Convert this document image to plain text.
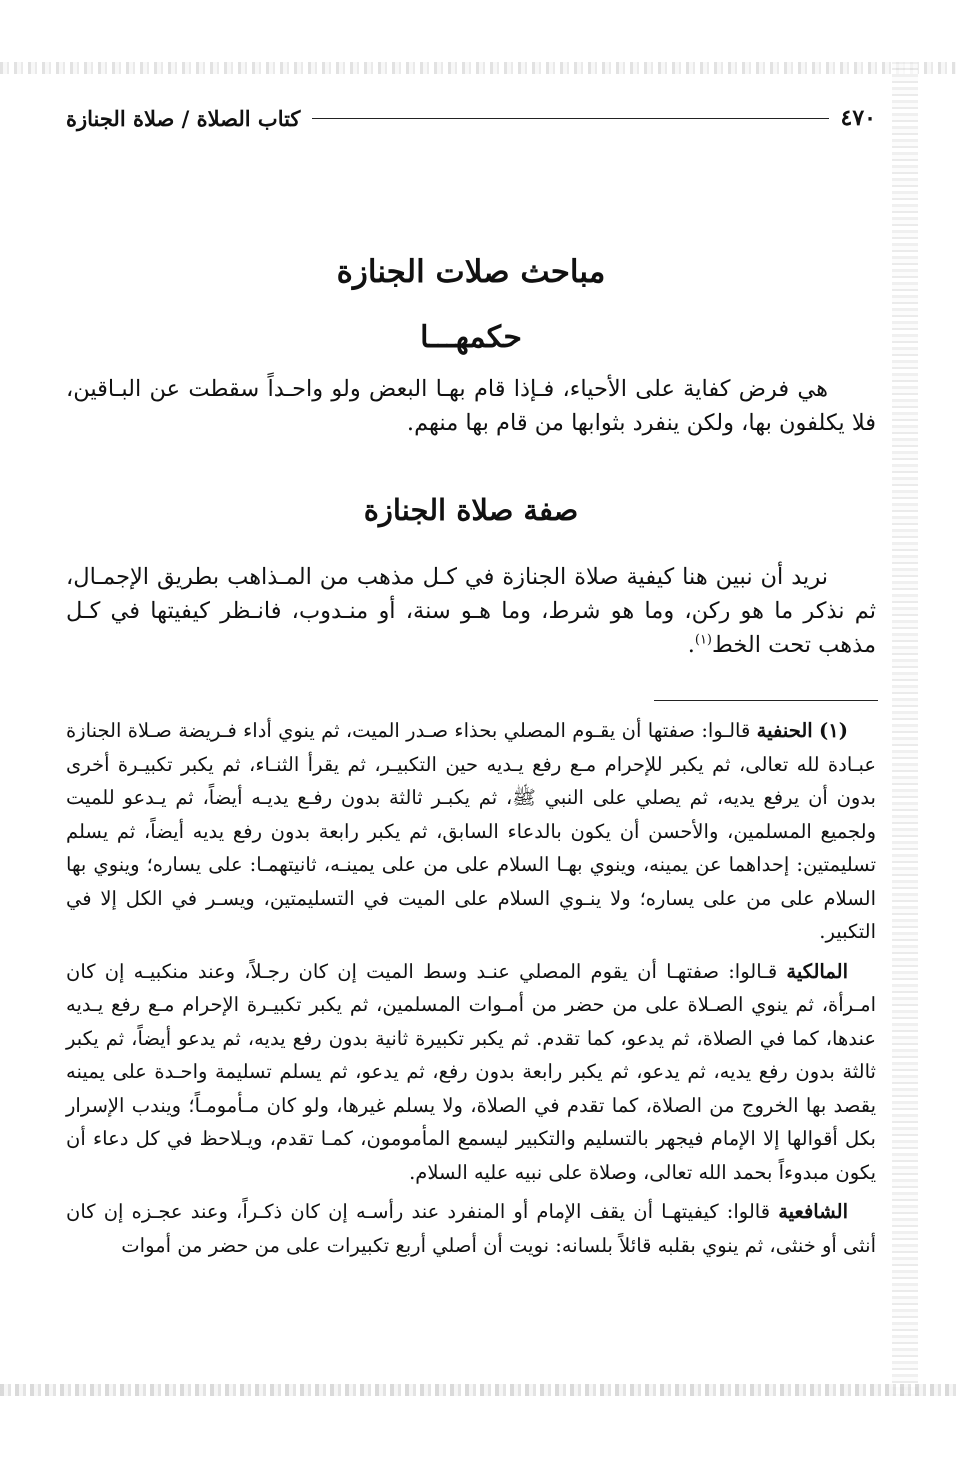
٤٧٠
كتاب الصلاة / صلاة الجنازة
مباحث صلات الجنازة
حكمهـــا

هي فرض كفاية على الأحياء، فـإذا قام بهـا البعض ولو واحـداً سقطت عن البـاقين، فلا يكلفون بها، ولكن ينفرد بثوابها من قام بها منهم.

صفة صلاة الجنازة

نريد أن نبين هنا كيفية صلاة الجنازة في كـل مذهب من المـذاهب بطريق الإجمـال، ثم نذكر ما هو ركن، وما هو شرط، وما هـو سنة، أو منـدوب، فانـظر كيفيتها في كـل مذهب تحت الخط$^{(١)}$.

(١) الحنفية قالـوا: صفتها أن يقـوم المصلي بحذاء صـدر الميت، ثم ينوي أداء فـريضة صـلاة الجنازة عبـادة لله تعالى، ثم يكبر للإحرام مـع رفع يـديه حين التكبيـر، ثم يقرأ الثنـاء، ثم يكبر تكبيـرة أخرى بدون أن يرفع يديه، ثم يصلي على النبي ﷺ، ثم يكبـر ثالثة بدون رفـع يديـه أيضاً، ثم يـدعو للميت ولجميع المسلمين، والأحسن أن يكون بالدعاء السابق، ثم يكبر رابعة بدون رفع يديه أيضاً، ثم يسلم تسليمتين: إحداهما عن يمينه، وينوي بهـا السلام على من على يمينـه، ثانيتهمـا: على يساره؛ وينوي بها السلام على من على يساره؛ ولا ينـوي السلام على الميت في التسليمتين، ويسـر في الكل إلا في التكبير.

المالكية قـالوا: صفتهـا أن يقوم المصلي عنـد وسط الميت إن كان رجـلاً، وعند منكبيـه إن كان امـرأة، ثم ينوي الصـلاة على من حضر من أمـوات المسلمين، ثم يكبر تكبيـرة الإحرام مـع رفع يـديه عندها، كما في الصلاة، ثم يدعو، كما تقدم. ثم يكبر تكبيرة ثانية بدون رفع يديه، ثم يدعو أيضاً، ثم يكبر ثالثة بدون رفع يديه، ثم يدعو، ثم يكبر رابعة بدون رفع، ثم يدعو، ثم يسلم تسليمة واحـدة على يمينه يقصد بها الخروج من الصلاة، كما تقدم في الصلاة، ولا يسلم غيرها، ولو كان مـأمومـاً؛ ويندب الإسرار بكل أقوالها إلا الإمام فيجهر بالتسليم والتكبير ليسمع المأمومون، كمـا تقدم، ويـلاحظ في كل دعاء أن يكون مبدوءاً بحمد الله تعالى، وصلاة على نبيه عليه السلام.

الشافعية قالوا: كيفيتهـا أن يقف الإمام أو المنفرد عند رأسـه إن كان ذكـراً، وعند عجـزه إن كان أنثى أو خنثى، ثم ينوي بقلبه قائلاً بلسانه: نويت أن أصلي أربع تكبيرات على من حضر من أموات
